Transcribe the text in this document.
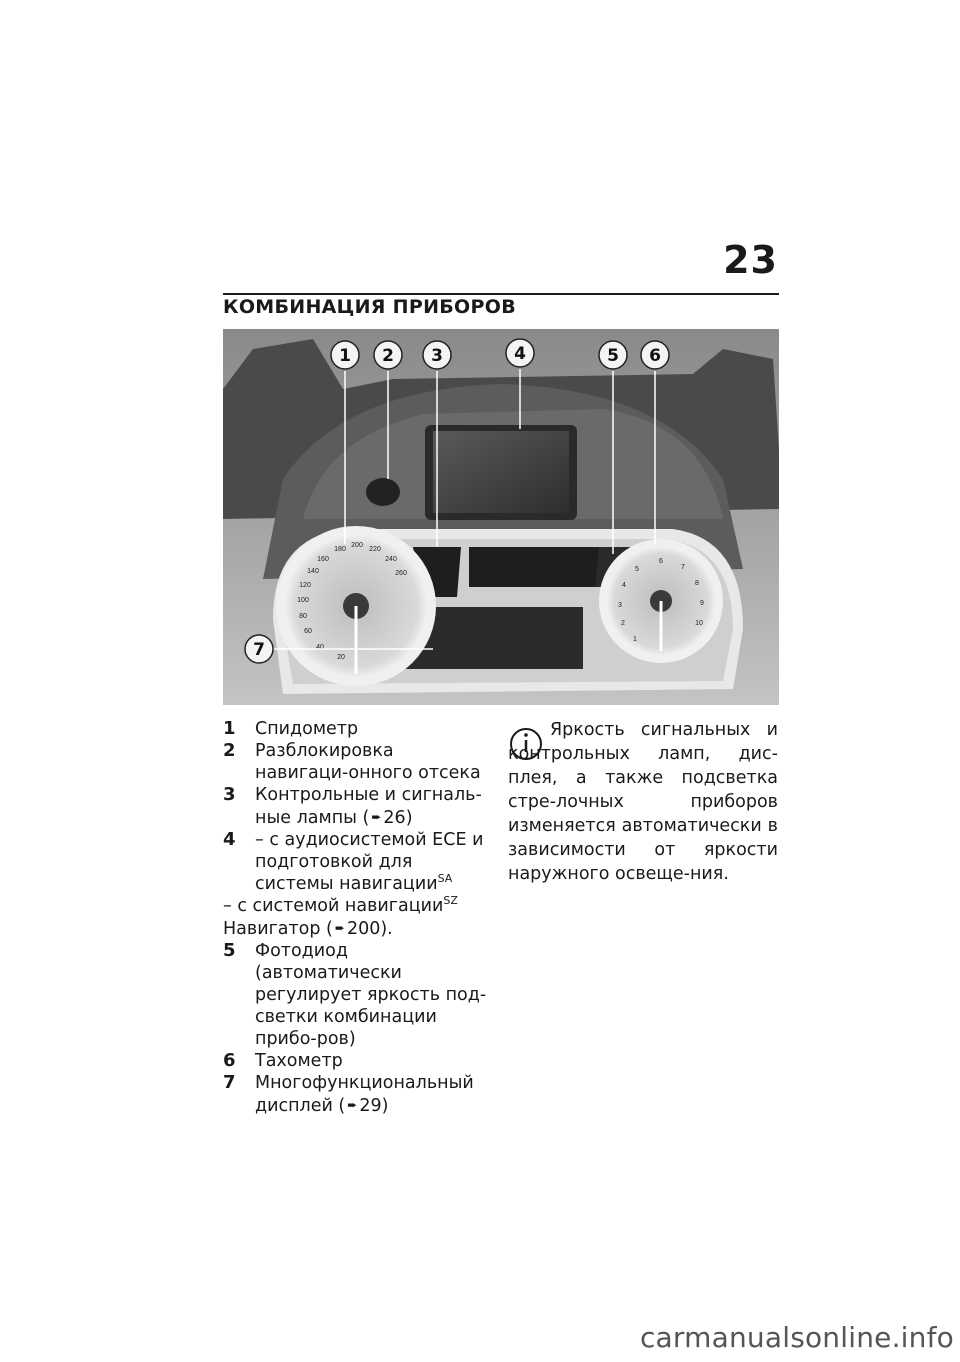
23
КОМБИНАЦИЯ ПРИБОРОВ
20
40
60
80
100
120
140
160
180
200
220
240
260
1
2
3
4
5
6
7
8
9
10
1 2 3	4	5 6
7
1	Спидометр
2	Разблокировка навигаци-онного отсека
3	Контрольные и сигналь-ные лампы ( ➨ 26)
4	– с аудиосистемой ЕСЕ и подготовкой для системы навигации$^{SA}$
– с системой навигации$^{SZ}$
Навигатор ( ➨ 200).
5	Фотодиод (автоматически регулирует яркость под-светки комбинации прибо-ров)
6	Тахометр
7	Многофункциональный дисплей ( ➨ 29)
Яркость сигнальных и контрольных ламп, дис-плея, а также подсветка стре-лочных приборов изменяется автоматически в зависимости от яркости наружного освеще-ния.
carmanualsonline.info
